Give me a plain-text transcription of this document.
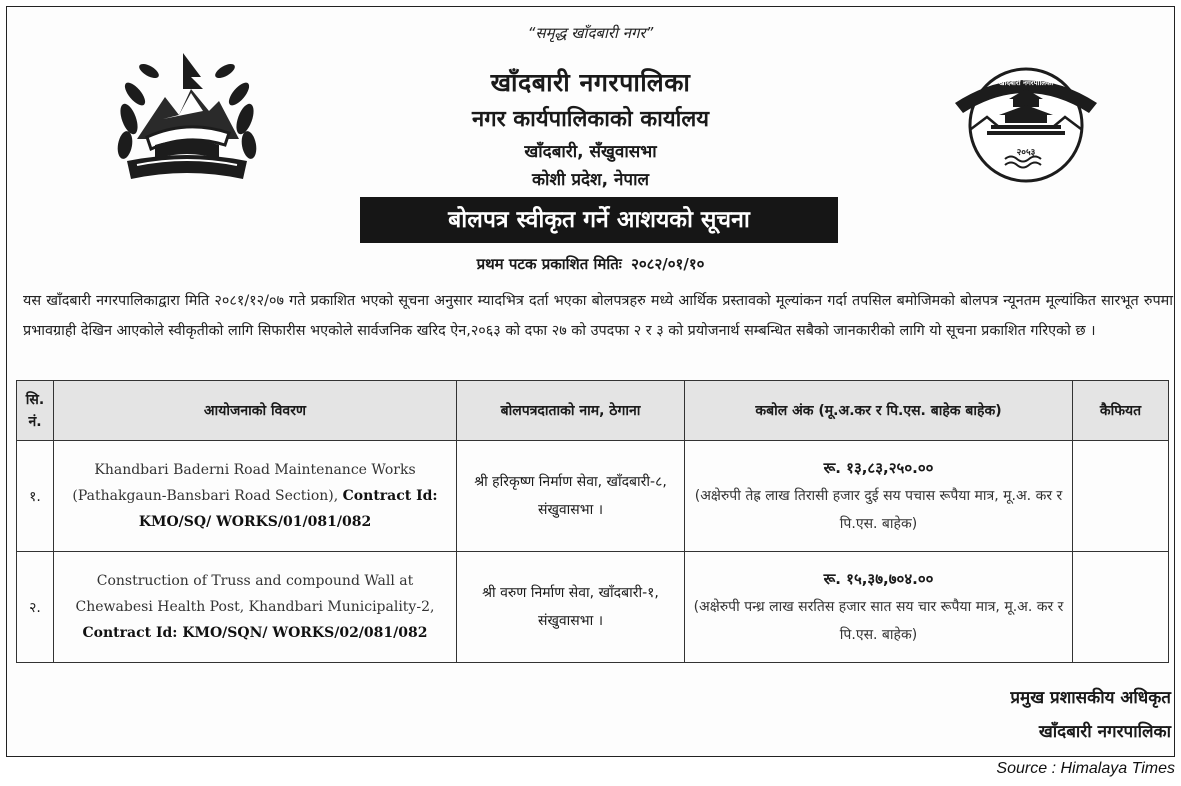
२०५३
खाँदबारी नगरपालिका
“समृद्ध खाँदबारी नगर”
खाँदबारी नगरपालिका
नगर कार्यपालिकाको कार्यालय
खाँदबारी, सँखुवासभा
कोशी प्रदेश, नेपाल
बोलपत्र स्वीकृत गर्ने आशयको सूचना
प्रथम पटक प्रकाशित मितिः २०८२/०१/१०
यस खाँदबारी नगरपालिकाद्वारा मिति २०८१/१२/०७ गते प्रकाशित भएको सूचना अनुसार म्यादभित्र दर्ता भएका बोलपत्रहरु मध्ये आर्थिक प्रस्तावको मूल्यांकन गर्दा तपसिल बमोजिमको बोलपत्र न्यूनतम मूल्यांकित सारभूत रुपमा प्रभावग्राही देखिन आएकोले स्वीकृतीको लागि सिफारीस भएकोले सार्वजनिक खरिद ऐन,२०६३ को दफा २७ को उपदफा २ र ३ को प्रयोजनार्थ सम्बन्धित सबैको जानकारीको लागि यो सूचना प्रकाशित गरिएको छ ।
सि. नं.	आयोजनाको विवरण	बोलपत्रदाताको नाम, ठेगाना	कबोल अंक (मू.अ.कर र पि.एस. बाहेक बाहेक)	कैफियत
१.	Khandbari Baderni Road Maintenance Works (Pathakgaun-Bansbari Road Section), Contract Id: KMO/SQ/ WORKS/01/081/082	श्री हरिकृष्ण निर्माण सेवा, खाँदबारी-८, संखुवासभा ।	रू. १३,८३,२५०.००
(अक्षेरुपी तेह्र लाख तिरासी हजार दुई सय पचास रूपैया मात्र, मू.अ. कर र पि.एस. बाहेक)	

२.	Construction of Truss and compound Wall at Chewabesi Health Post, Khandbari Municipality-2, Contract Id: KMO/SQN/ WORKS/02/081/082	श्री वरुण निर्माण सेवा, खाँदबारी-१, संखुवासभा ।	रू. १५,३७,७०४.००
(अक्षेरुपी पन्ध्र लाख सरतिस हजार सात सय चार रूपैया मात्र, मू.अ. कर र पि.एस. बाहेक)	

प्रमुख प्रशासकीय अधिकृत
खाँदबारी नगरपालिका
Source : Himalaya Times
